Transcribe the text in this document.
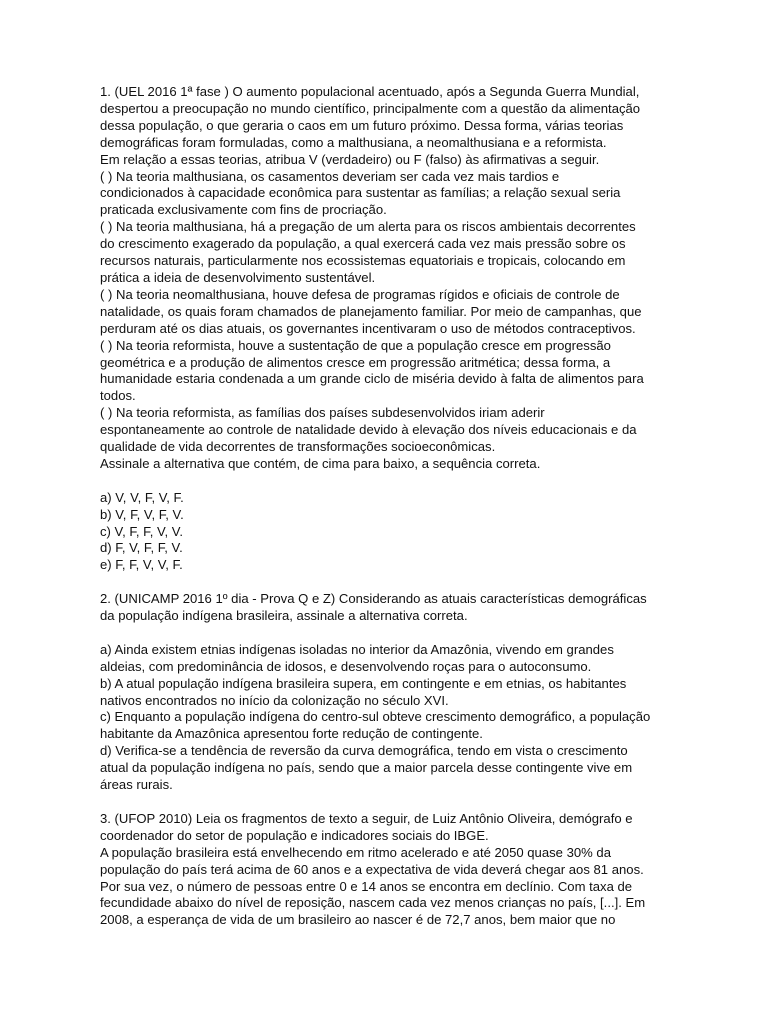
1. (UEL 2016 1ª fase ) O aumento populacional acentuado, após a Segunda Guerra Mundial,

despertou a preocupação no mundo científico, principalmente com a questão da alimentação

dessa população, o que geraria o caos em um futuro próximo. Dessa forma, várias teorias

demográficas foram formuladas, como a malthusiana, a neomalthusiana e a reformista.

Em relação a essas teorias, atribua V (verdadeiro) ou F (falso) às afirmativas a seguir.

( ) Na teoria malthusiana, os casamentos deveriam ser cada vez mais tardios e

condicionados à capacidade econômica para sustentar as famílias; a relação sexual seria

praticada exclusivamente com fins de procriação.

( ) Na teoria malthusiana, há a pregação de um alerta para os riscos ambientais decorrentes

do crescimento exagerado da população, a qual exercerá cada vez mais pressão sobre os

recursos naturais, particularmente nos ecossistemas equatoriais e tropicais, colocando em

prática a ideia de desenvolvimento sustentável.

( ) Na teoria neomalthusiana, houve defesa de programas rígidos e oficiais de controle de

natalidade, os quais foram chamados de planejamento familiar. Por meio de campanhas, que

perduram até os dias atuais, os governantes incentivaram o uso de métodos contraceptivos.

( ) Na teoria reformista, houve a sustentação de que a população cresce em progressão

geométrica e a produção de alimentos cresce em progressão aritmética; dessa forma, a

humanidade estaria condenada a um grande ciclo de miséria devido à falta de alimentos para

todos.

( ) Na teoria reformista, as famílias dos países subdesenvolvidos iriam aderir

espontaneamente ao controle de natalidade devido à elevação dos níveis educacionais e da

qualidade de vida decorrentes de transformações socioeconômicas.

Assinale a alternativa que contém, de cima para baixo, a sequência correta.

a) V, V, F, V, F.

b) V, F, V, F, V.

c) V, F, F, V, V.

d) F, V, F, F, V.

e) F, F, V, V, F.

2. (UNICAMP 2016 1º dia - Prova Q e Z) Considerando as atuais características demográficas

da população indígena brasileira, assinale a alternativa correta.

a) Ainda existem etnias indígenas isoladas no interior da Amazônia, vivendo em grandes

aldeias, com predominância de idosos, e desenvolvendo roças para o autoconsumo.

b) A atual população indígena brasileira supera, em contingente e em etnias, os habitantes

nativos encontrados no início da colonização no século XVI.

c) Enquanto a população indígena do centro-sul obteve crescimento demográfico, a população

habitante da Amazônica apresentou forte redução de contingente.

d) Verifica-se a tendência de reversão da curva demográfica, tendo em vista o crescimento

atual da população indígena no país, sendo que a maior parcela desse contingente vive em

áreas rurais.

3. (UFOP 2010) Leia os fragmentos de texto a seguir, de Luiz Antônio Oliveira, demógrafo e

coordenador do setor de população e indicadores sociais do IBGE.

A população brasileira está envelhecendo em ritmo acelerado e até 2050 quase 30% da

população do país terá acima de 60 anos e a expectativa de vida deverá chegar aos 81 anos.

Por sua vez, o número de pessoas entre 0 e 14 anos se encontra em declínio. Com taxa de

fecundidade abaixo do nível de reposição, nascem cada vez menos crianças no país, [...]. Em

2008, a esperança de vida de um brasileiro ao nascer é de 72,7 anos, bem maior que no
